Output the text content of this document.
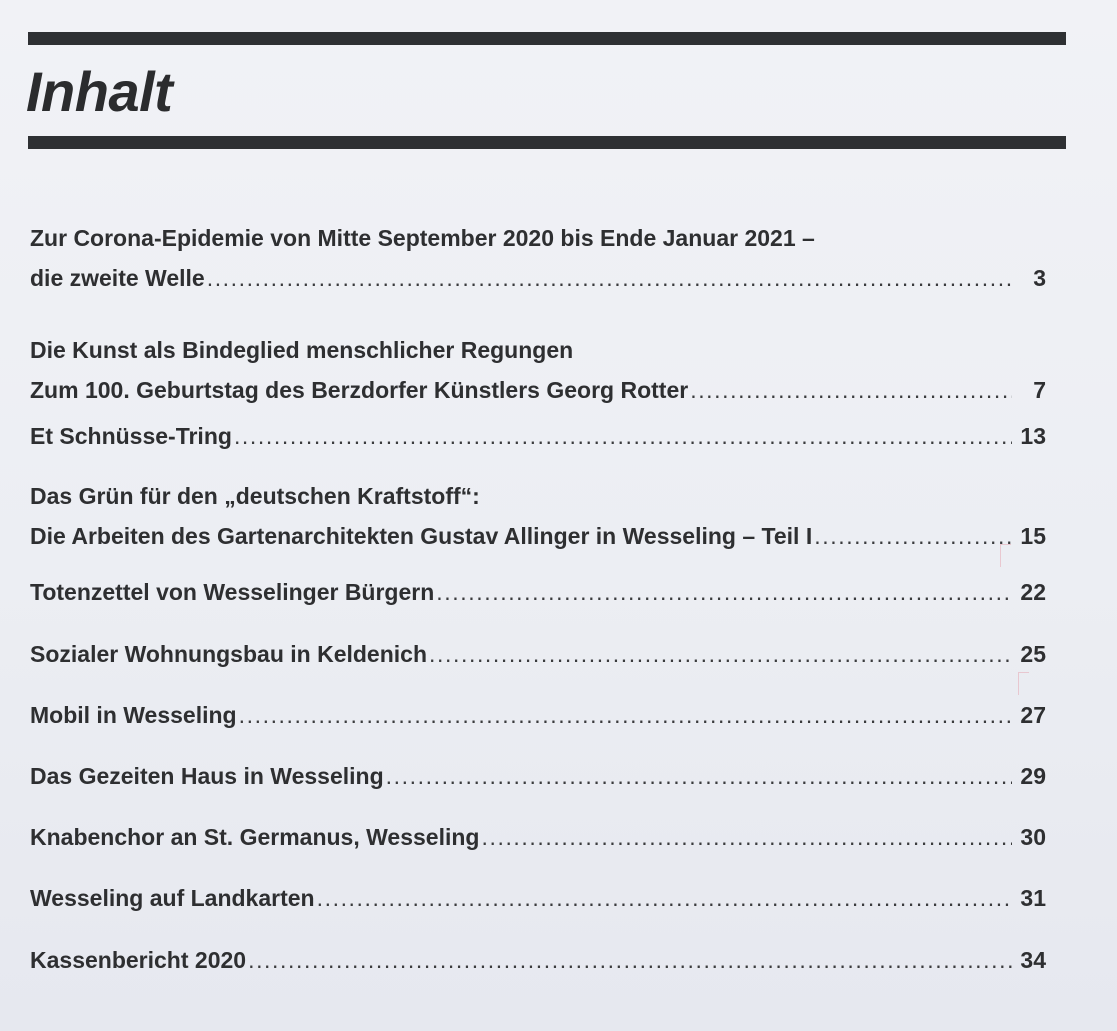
Inhalt
Zur Corona-Epidemie von Mitte September 2020 bis Ende Januar 2021 –
die zweite Welle .....	3
Die Kunst als Bindeglied menschlicher Regungen
Zum 100. Geburtstag des Berzdorfer Künstlers Georg Rotter .....	7
Et Schnüsse-Tring .....	13
Das Grün für den „deutschen Kraftstoff“:
Die Arbeiten des Gartenarchitekten Gustav Allinger in Wesseling – Teil I .....	15
Totenzettel von Wesselinger Bürgern .....	22
Sozialer Wohnungsbau in Keldenich .....	25
Mobil in Wesseling .....	27
Das Gezeiten Haus in Wesseling .....	29
Knabenchor an St. Germanus, Wesseling .....	30
Wesseling auf Landkarten .....	31
Kassenbericht 2020 .....	34
